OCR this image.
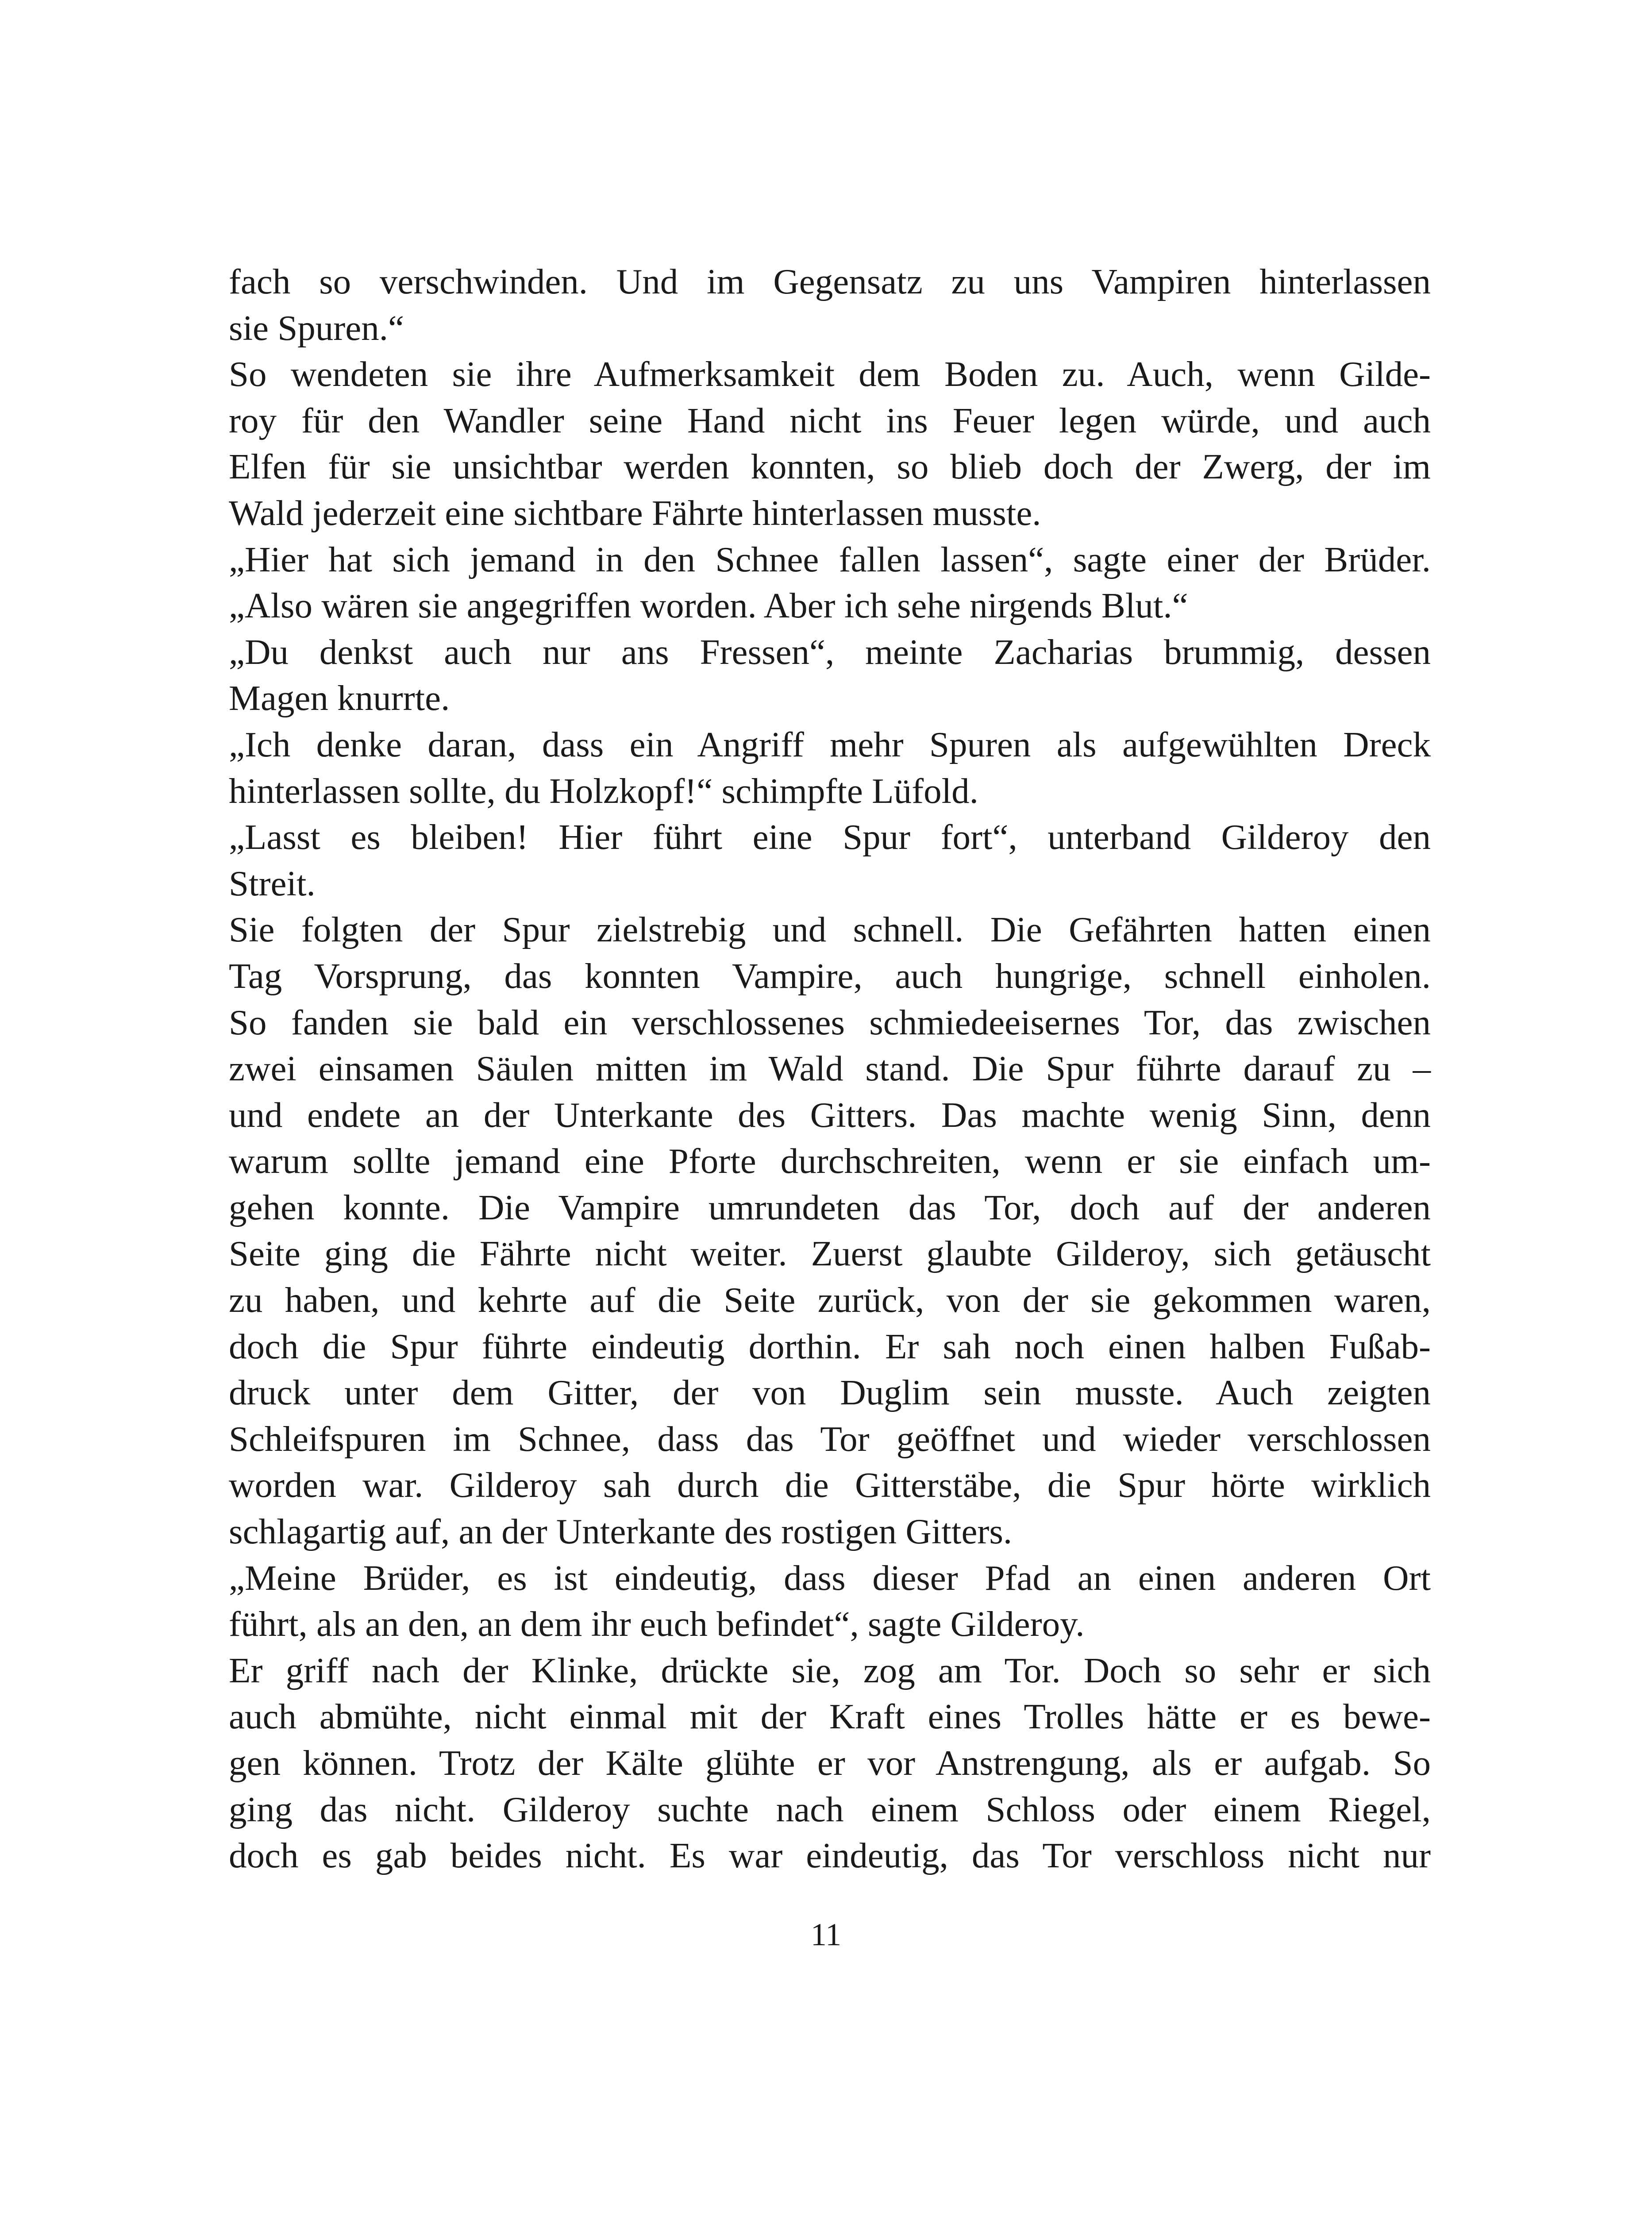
fach so verschwinden. Und im Gegensatz zu uns Vampiren hinterlassen
sie Spuren.“
So wendeten sie ihre Aufmerksamkeit dem Boden zu. Auch, wenn Gilde-
roy für den Wandler seine Hand nicht ins Feuer legen würde, und auch
Elfen für sie unsichtbar werden konnten, so blieb doch der Zwerg, der im
Wald jederzeit eine sichtbare Fährte hinterlassen musste.
„Hier hat sich jemand in den Schnee fallen lassen“, sagte einer der Brüder.
„Also wären sie angegriffen worden. Aber ich sehe nirgends Blut.“
„Du denkst auch nur ans Fressen“, meinte Zacharias brummig, dessen
Magen knurrte.
„Ich denke daran, dass ein Angriff mehr Spuren als aufgewühlten Dreck
hinterlassen sollte, du Holzkopf!“ schimpfte Lüfold.
„Lasst es bleiben! Hier führt eine Spur fort“, unterband Gilderoy den
Streit.
Sie folgten der Spur zielstrebig und schnell. Die Gefährten hatten einen
Tag Vorsprung, das konnten Vampire, auch hungrige, schnell einholen.
So fanden sie bald ein verschlossenes schmiedeeisernes Tor, das zwischen
zwei einsamen Säulen mitten im Wald stand. Die Spur führte darauf zu –
und endete an der Unterkante des Gitters. Das machte wenig Sinn, denn
warum sollte jemand eine Pforte durchschreiten, wenn er sie einfach um-
gehen konnte. Die Vampire umrundeten das Tor, doch auf der anderen
Seite ging die Fährte nicht weiter. Zuerst glaubte Gilderoy, sich getäuscht
zu haben, und kehrte auf die Seite zurück, von der sie gekommen waren,
doch die Spur führte eindeutig dorthin. Er sah noch einen halben Fußab-
druck unter dem Gitter, der von Duglim sein musste. Auch zeigten
Schleifspuren im Schnee, dass das Tor geöffnet und wieder verschlossen
worden war. Gilderoy sah durch die Gitterstäbe, die Spur hörte wirklich
schlagartig auf, an der Unterkante des rostigen Gitters.
„Meine Brüder, es ist eindeutig, dass dieser Pfad an einen anderen Ort
führt, als an den, an dem ihr euch befindet“, sagte Gilderoy.
Er griff nach der Klinke, drückte sie, zog am Tor. Doch so sehr er sich
auch abmühte, nicht einmal mit der Kraft eines Trolles hätte er es bewe-
gen können. Trotz der Kälte glühte er vor Anstrengung, als er aufgab. So
ging das nicht. Gilderoy suchte nach einem Schloss oder einem Riegel,
doch es gab beides nicht. Es war eindeutig, das Tor verschloss nicht nur
11
